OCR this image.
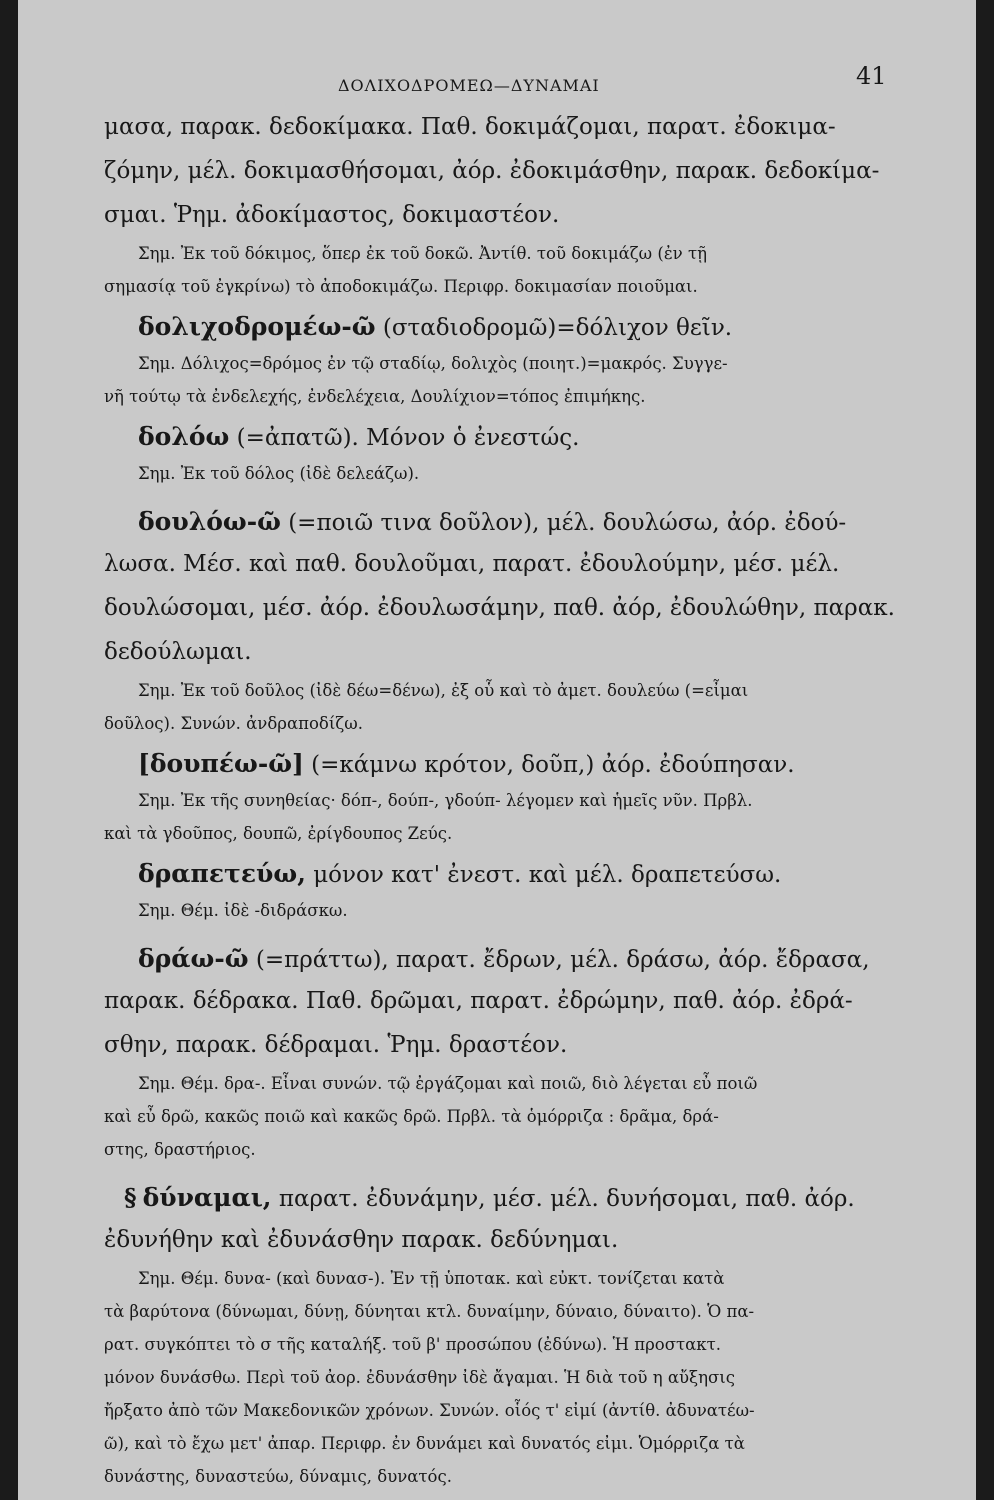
ΔΟΛΙΧΟΔΡΟΜΕΩ—ΔΥΝΑΜΑΙ	41
μασα, παρακ. δεδοκίμακα. Παθ. δοκιμάζομαι, παρατ. ἐδοκιμα-
ζόμην, μέλ. δοκιμασθήσομαι, ἀόρ. ἐδοκιμάσθην, παρακ. δεδοκίμα-
σμαι. Ῥημ. ἀδοκίμαστος, δοκιμαστέον.
Σημ. Ἐκ τοῦ δόκιμος, ὅπερ ἐκ τοῦ δοκῶ. Ἀντίθ. τοῦ δοκιμάζω (ἐν τῇ
σημασίᾳ τοῦ ἐγκρίνω) τὸ ἀποδοκιμάζω. Περιφρ. δοκιμασίαν ποιοῦμαι.
δολιχοδρομέω-ῶ (σταδιοδρομῶ)=δόλιχον θεῖν.
Σημ. Δόλιχος=δρόμος ἐν τῷ σταδίῳ, δολιχὸς (ποιητ.)=μακρός. Συγγε-
νῆ τούτῳ τὰ ἐνδελεχής, ἐνδελέχεια, Δουλίχιον=τόπος ἐπιμήκης.
δολόω (=ἀπατῶ). Μόνον ὁ ἐνεστώς.
Σημ. Ἐκ τοῦ δόλος (ἰδὲ δελεάζω).
δουλόω-ῶ (=ποιῶ τινα δοῦλον), μέλ. δουλώσω, ἀόρ. ἐδού-
λωσα. Μέσ. καὶ παθ. δουλοῦμαι, παρατ. ἐδουλούμην, μέσ. μέλ.
δουλώσομαι, μέσ. ἀόρ. ἐδουλωσάμην, παθ. ἀόρ, ἐδουλώθην, παρακ.
δεδούλωμαι.
Σημ. Ἐκ τοῦ δοῦλος (ἰδὲ δέω=δένω), ἐξ οὗ καὶ τὸ ἀμετ. δουλεύω (=εἶμαι
δοῦλος). Συνών. ἀνδραποδίζω.
[δουπέω-ῶ] (=κάμνω κρότον, δοῦπ,) ἀόρ. ἐδούπησαν.
Σημ. Ἐκ τῆς συνηθείας· δόπ-, δούπ-, γδούπ- λέγομεν καὶ ἡμεῖς νῦν. Πρβλ.
καὶ τὰ γδοῦπος, δουπῶ, ἐρίγδουπος Ζεύς.
δραπετεύω, μόνον κατ' ἐνεστ. καὶ μέλ. δραπετεύσω.
Σημ. Θέμ. ἰδὲ -διδράσκω.
δράω-ῶ (=πράττω), παρατ. ἔδρων, μέλ. δράσω, ἀόρ. ἔδρασα,
παρακ. δέδρακα. Παθ. δρῶμαι, παρατ. ἐδρώμην, παθ. ἀόρ. ἐδρά-
σθην, παρακ. δέδραμαι. Ῥημ. δραστέον.
Σημ. Θέμ. δρα-. Εἶναι συνών. τῷ ἐργάζομαι καὶ ποιῶ, διὸ λέγεται εὖ ποιῶ
καὶ εὖ δρῶ, κακῶς ποιῶ καὶ κακῶς δρῶ. Πρβλ. τὰ ὁμόρριζα : δρᾶμα, δρά-
στης, δραστήριος.
§ δύναμαι, παρατ. ἐδυνάμην, μέσ. μέλ. δυνήσομαι, παθ. ἀόρ.
ἐδυνήθην καὶ ἐδυνάσθην παρακ. δεδύνημαι.
Σημ. Θέμ. δυνα- (καὶ δυνασ-). Ἐν τῇ ὑποτακ. καὶ εὐκτ. τονίζεται κατὰ
τὰ βαρύτονα (δύνωμαι, δύνῃ, δύνηται κτλ. δυναίμην, δύναιο, δύναιτο). Ὁ πα-
ρατ. συγκόπτει τὸ σ τῆς καταλήξ. τοῦ β' προσώπου (ἐδύνω). Ἡ προστακτ.
μόνον δυνάσθω. Περὶ τοῦ ἀορ. ἐδυνάσθην ἰδὲ ἄγαμαι. Ἡ διὰ τοῦ η αὔξησις
ἤρξατο ἀπὸ τῶν Μακεδονικῶν χρόνων. Συνών. οἷός τ' εἰμί (ἀντίθ. ἀδυνατέω-
ῶ), καὶ τὸ ἔχω μετ' ἀπαρ. Περιφρ. ἐν δυνάμει καὶ δυνατός εἰμι. Ὁμόρριζα τὰ
δυνάστης, δυναστεύω, δύναμις, δυνατός.
